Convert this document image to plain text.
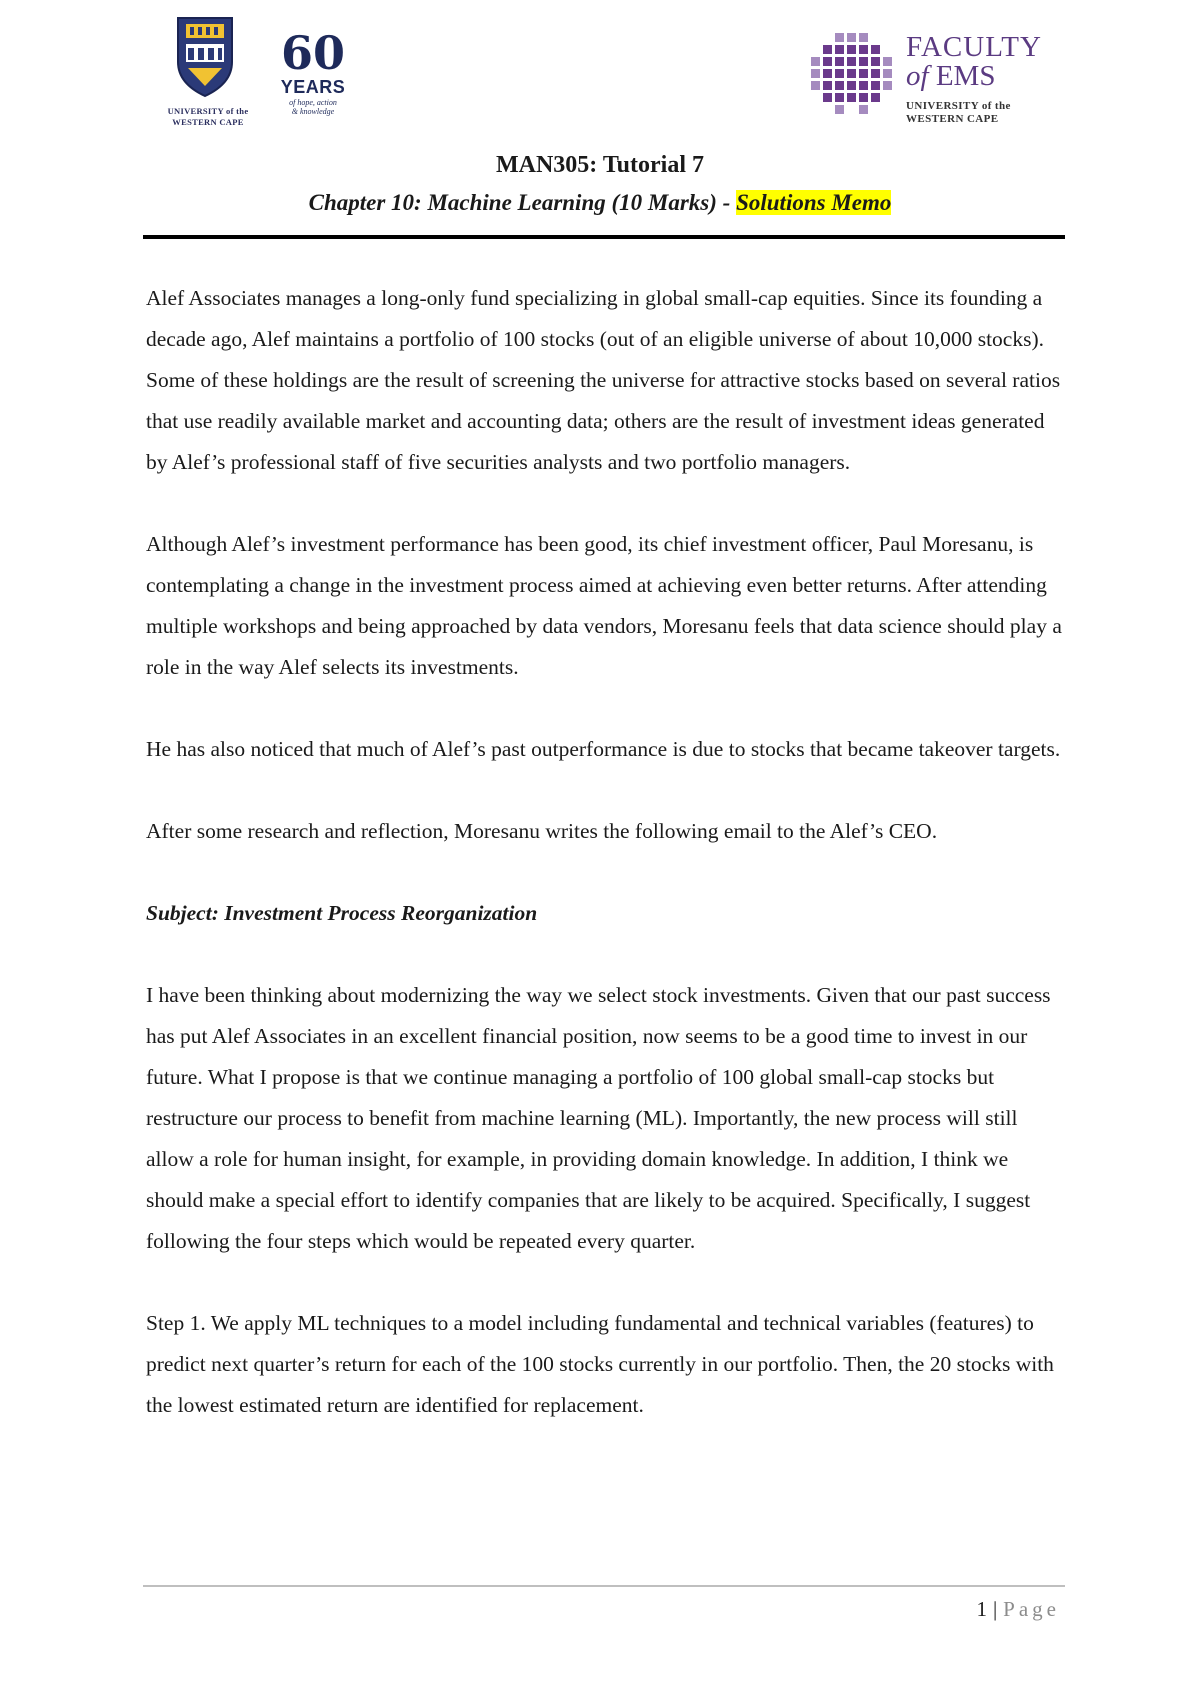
UNIVERSITY of the
WESTERN CAPE
60
YEARS
of hope, action
& knowledge
FACULTY
of EMS
UNIVERSITY of the
WESTERN CAPE
MAN305: Tutorial 7
Chapter 10: Machine Learning (10 Marks) - Solutions Memo

Alef Associates manages a long-only fund specializing in global small-cap equities. Since its founding a decade ago, Alef maintains a portfolio of 100 stocks (out of an eligible universe of about 10,000 stocks). Some of these holdings are the result of screening the universe for attractive stocks based on several ratios that use readily available market and accounting data; others are the result of investment ideas generated by Alef’s professional staff of five securities analysts and two portfolio managers.

Although Alef’s investment performance has been good, its chief investment officer, Paul Moresanu, is contemplating a change in the investment process aimed at achieving even better returns. After attending multiple workshops and being approached by data vendors, Moresanu feels that data science should play a role in the way Alef selects its investments.

He has also noticed that much of Alef’s past outperformance is due to stocks that became takeover targets.

After some research and reflection, Moresanu writes the following email to the Alef’s CEO.

Subject: Investment Process Reorganization

I have been thinking about modernizing the way we select stock investments. Given that our past success has put Alef Associates in an excellent financial position, now seems to be a good time to invest in our future. What I propose is that we continue managing a portfolio of 100 global small-cap stocks but restructure our process to benefit from machine learning (ML). Importantly, the new process will still allow a role for human insight, for example, in providing domain knowledge. In addition, I think we should make a special effort to identify companies that are likely to be acquired. Specifically, I suggest following the four steps which would be repeated every quarter.

Step 1. We apply ML techniques to a model including fundamental and technical variables (features) to predict next quarter’s return for each of the 100 stocks currently in our portfolio. Then, the 20 stocks with the lowest estimated return are identified for replacement.

1 | Page
